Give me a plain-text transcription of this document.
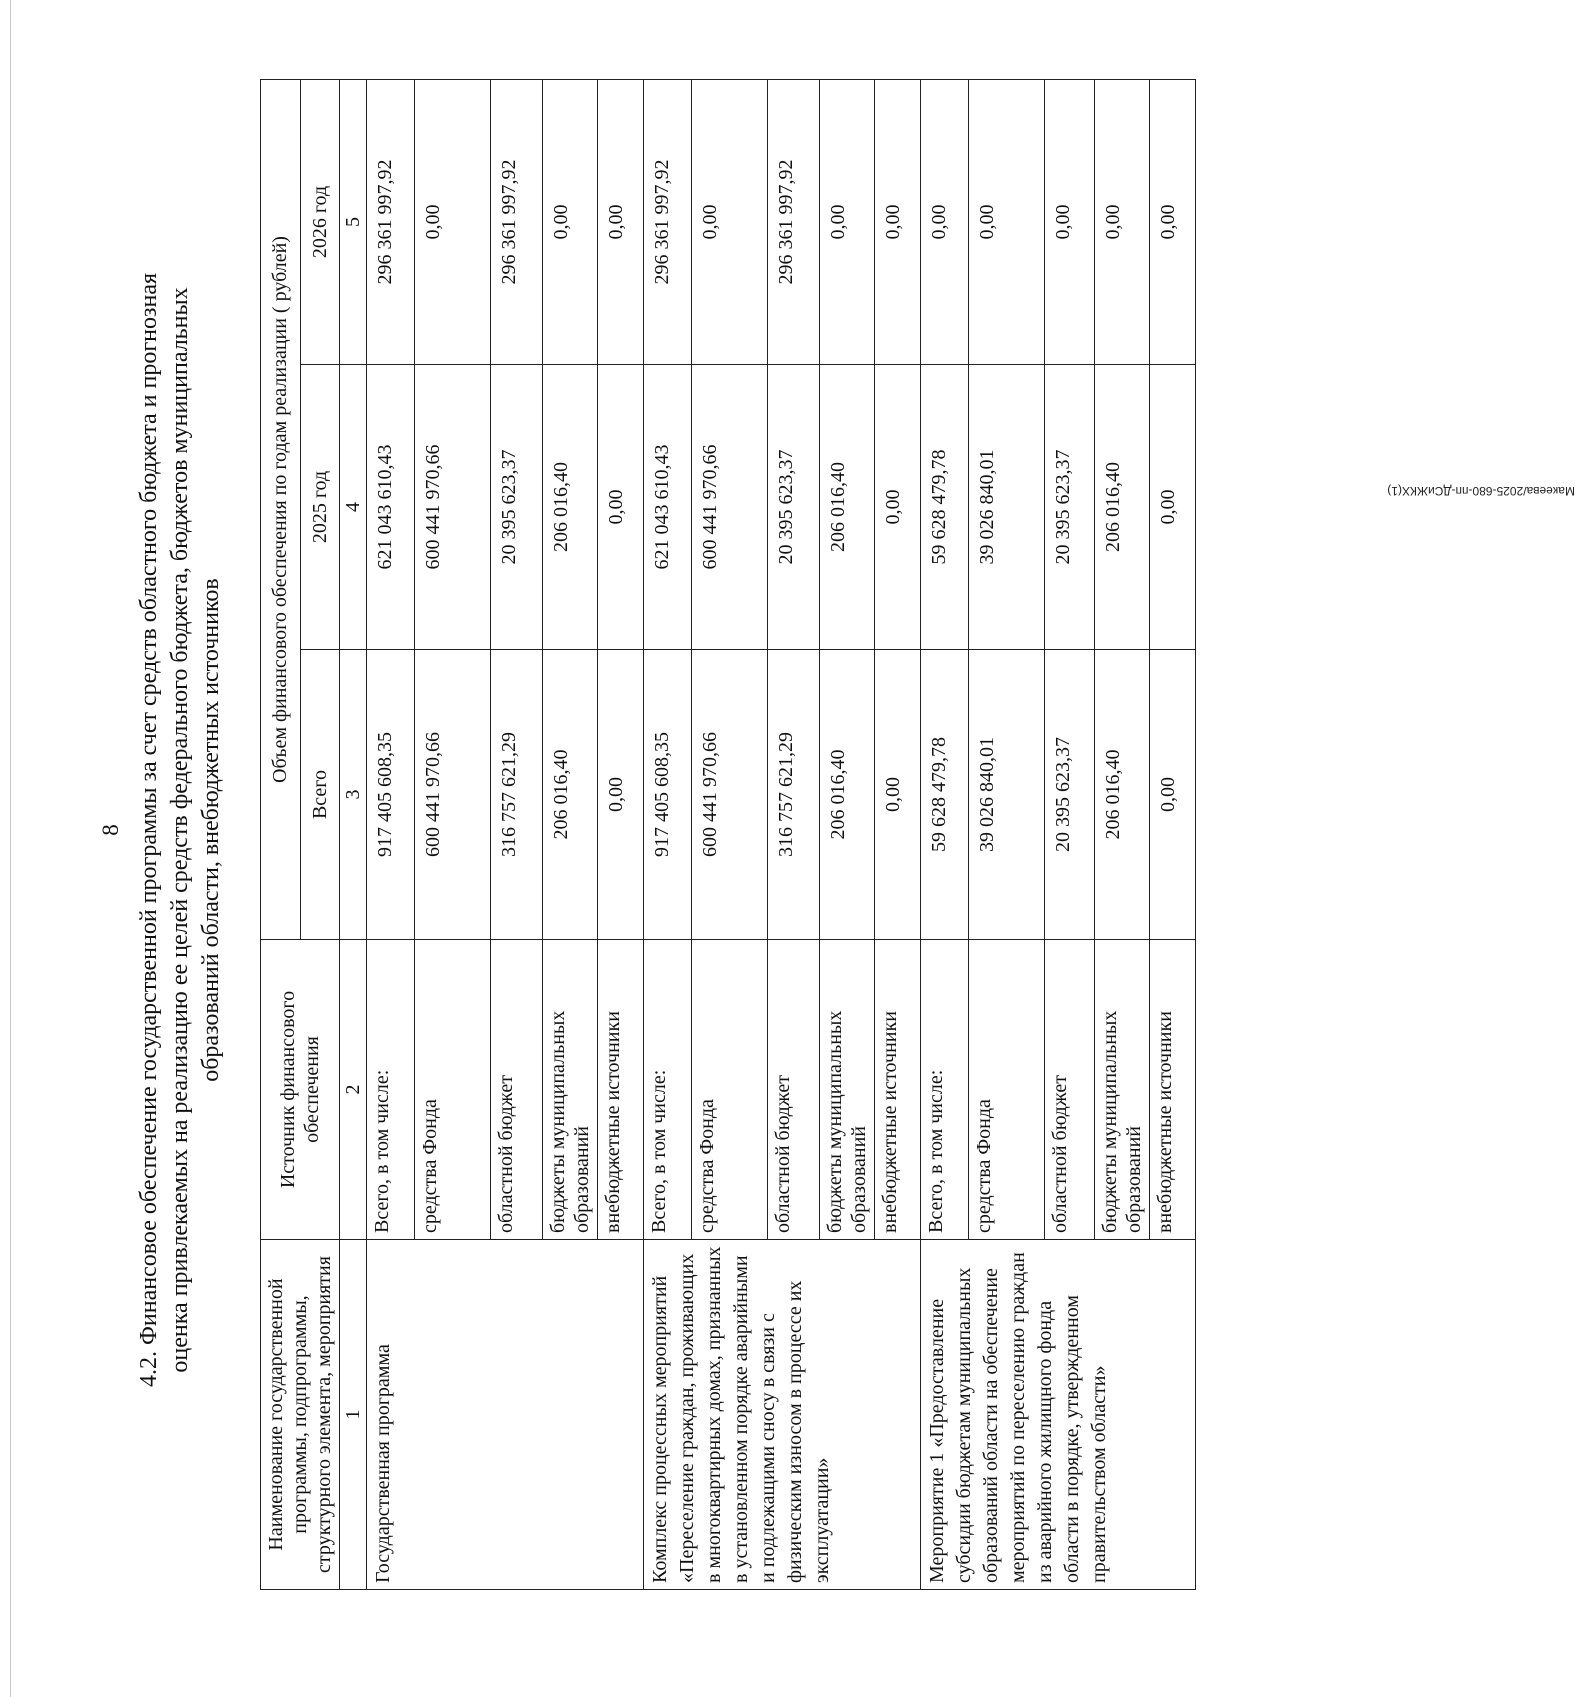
8 4.2. Финансовое обеспечение государственной программы за счет средств областного бюджета и прогнозная оценка привлекаемых на реализацию ее целей средств федерального бюджета, бюджетов муниципальных образований области, внебюджетных источников
Наименование государственной программы, подпрограммы, структурного элемента, мероприятия	Источник финансового обеспечения	Объем финансового обеспечения по годам реализации ( рублей)		
		Всего	2025 год	2026 год
1	2	3	4	5
Государственная программа	Всего, в том числе:	917 405 608,35	621 043 610,43	296 361 997,92
	средства Фонда	600 441 970,66	600 441 970,66	0,00
	областной бюджет	316 757 621,29	20 395 623,37	296 361 997,92
	бюджеты муниципальных образований	206 016,40	206 016,40	0,00
	внебюджетные источники	0,00	0,00	0,00
Комплекс процессных мероприятий «Переселение граждан, проживающих в многоквартирных домах, признанных в установленном порядке аварийными и подлежащими сносу в связи с физическим износом в процессе их эксплуатации»	Всего, в том числе:	917 405 608,35	621 043 610,43	296 361 997,92
	средства Фонда	600 441 970,66	600 441 970,66	0,00
	областной бюджет	316 757 621,29	20 395 623,37	296 361 997,92
	бюджеты муниципальных образований	206 016,40	206 016,40	0,00
	внебюджетные источники	0,00	0,00	0,00
Мероприятие 1 «Предоставление субсидии бюджетам муниципальных образований области на обеспечение мероприятий по переселению граждан из аварийного жилищного фонда области в порядке, утвержденном правительством области»	Всего, в том числе:	59 628 479,78	59 628 479,78	0,00
	средства Фонда	39 026 840,01	39 026 840,01	0,00
	областной бюджет	20 395 623,37	20 395 623,37	0,00
	бюджеты муниципальных образований	206 016,40	206 016,40	0,00
	внебюджетные источники	0,00	0,00	0,00
Макеева/2025-680-пп-ДСиЖКХ(1)
